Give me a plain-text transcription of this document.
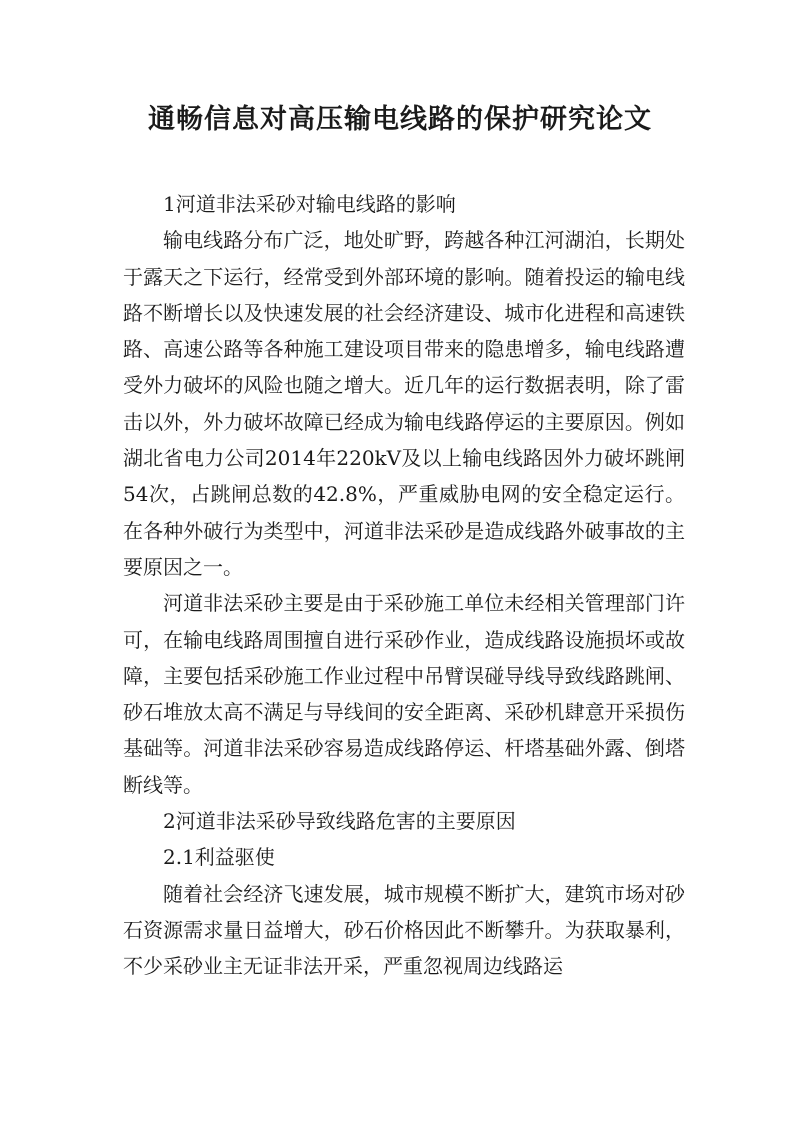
通畅信息对高压输电线路的保护研究论文

1河道非法采砂对输电线路的影响

输电线路分布广泛，地处旷野，跨越各种江河湖泊，长期处于露天之下运行，经常受到外部环境的影响。随着投运的输电线路不断增长以及快速发展的社会经济建设、城市化进程和高速铁路、高速公路等各种施工建设项目带来的隐患增多，输电线路遭受外力破坏的风险也随之增大。近几年的运行数据表明，除了雷击以外，外力破坏故障已经成为输电线路停运的主要原因。例如湖北省电力公司2014年220kV及以上输电线路因外力破坏跳闸54次，占跳闸总数的42.8%，严重威胁电网的安全稳定运行。在各种外破行为类型中，河道非法采砂是造成线路外破事故的主要原因之一。

河道非法采砂主要是由于采砂施工单位未经相关管理部门许可，在输电线路周围擅自进行采砂作业，造成线路设施损坏或故障，主要包括采砂施工作业过程中吊臂误碰导线导致线路跳闸、砂石堆放太高不满足与导线间的安全距离、采砂机肆意开采损伤基础等。河道非法采砂容易造成线路停运、杆塔基础外露、倒塔断线等。

2河道非法采砂导致线路危害的主要原因

2.1利益驱使

随着社会经济飞速发展，城市规模不断扩大，建筑市场对砂石资源需求量日益增大，砂石价格因此不断攀升。为获取暴利，不少采砂业主无证非法开采，严重忽视周边线路运
